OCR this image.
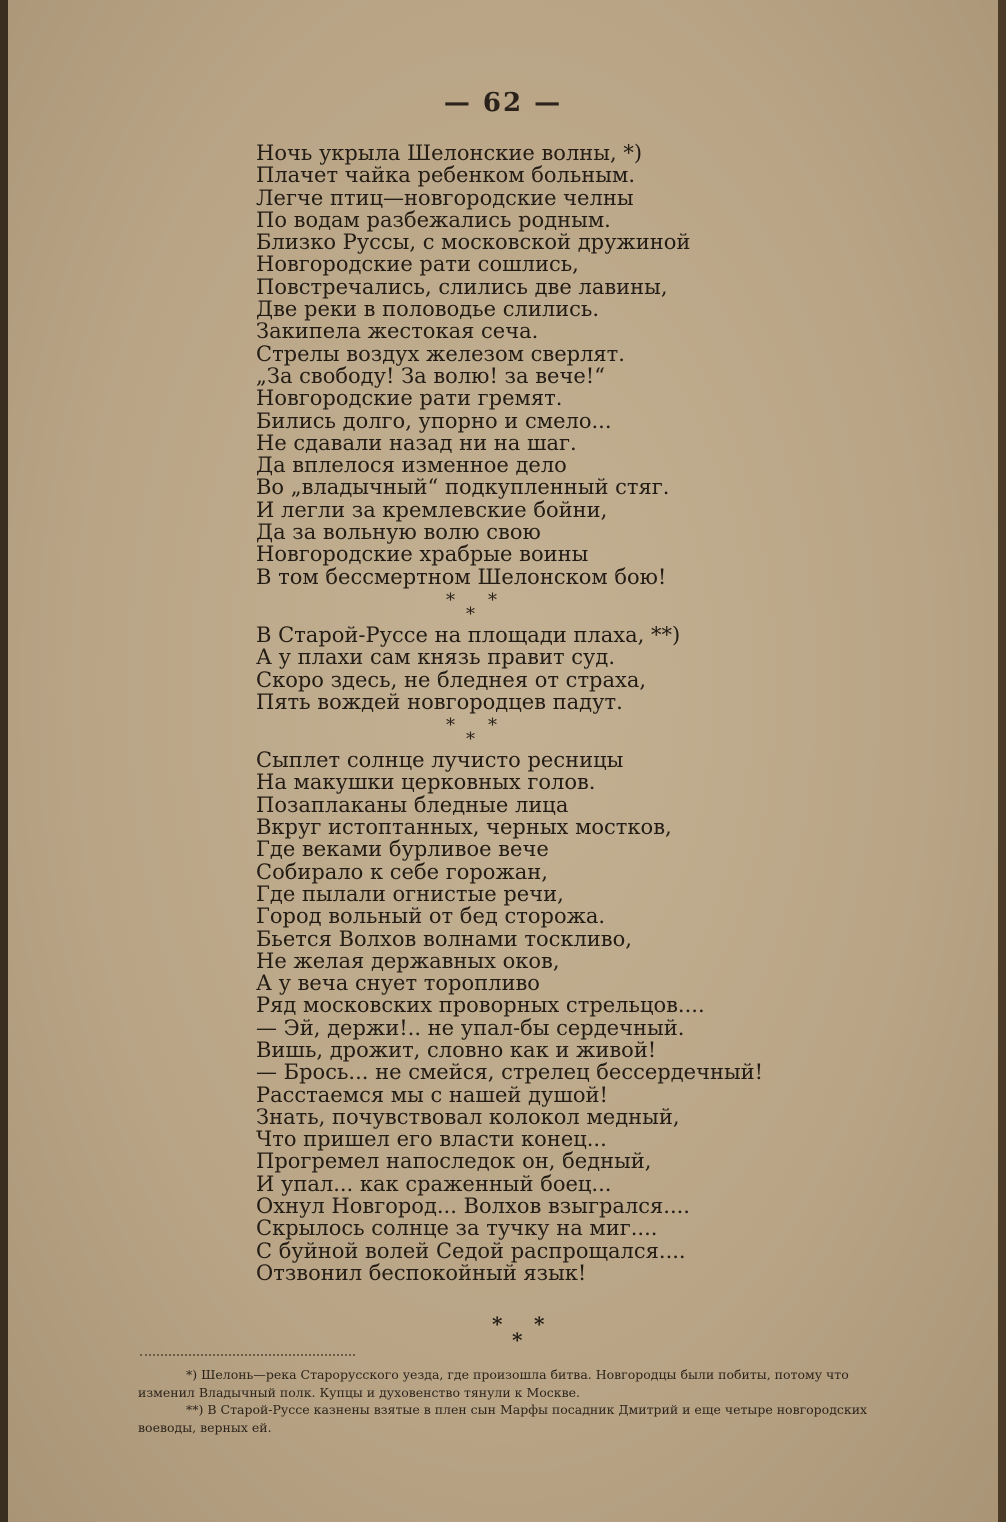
— 62 —
Ночь укрыла Шелонские волны, *)
Плачет чайка ребенком больным.
Легче птиц—новгородские челны
По водам разбежались родным.
Близко Руссы, с московской дружиной
Новгородские рати сошлись,
Повстречались, слились две лавины,
Две реки в половодье слились.
Закипела жестокая сеча.
Стрелы воздух железом сверлят.
„За свободу! За волю! за вече!“
Новгородские рати гремят.
Бились долго, упорно и смело...
Не сдавали назад ни на шаг.
Да вплелося изменное дело
Во „владычный“ подкупленный стяг.
И легли за кремлевские бойни,
Да за вольную волю свою
Новгородские храбрые воины
В том бессмертном Шелонском бою!
* *
*
В Старой-Руссе на площади плаха, **)
А у плахи сам князь правит суд.
Скоро здесь, не бледнея от страха,
Пять вождей новгородцев падут.
* *
*
Сыплет солнце лучисто ресницы
На макушки церковных голов.
Позаплаканы бледные лица
Вкруг истоптанных, черных мостков,
Где веками бурливое вече
Собирало к себе горожан,
Где пылали огнистые речи,
Город вольный от бед сторожа.
Бьется Волхов волнами тоскливо,
Не желая державных оков,
А у веча снует торопливо
Ряд московских проворных стрельцов....
— Эй, держи!.. не упал-бы сердечный.
Вишь, дрожит, словно как и живой!
— Брось... не смейся, стрелец бессердечный!
Расстаемся мы с нашей душой!
Знать, почувствовал колокол медный,
Что пришел его власти конец...
Прогремел напоследок он, бедный,
И упал... как сраженный боец...
Охнул Новгород... Волхов взыгрался....
Скрылось солнце за тучку на миг....
С буйной волей Седой распрощался....
Отзвонил беспокойный язык!
* *
*

*) Шелонь—река Старорусского уезда, где произошла битва. Новгородцы были побиты, потому что изменил Владычный полк. Купцы и духовенство тянули к Москве.

**) В Старой-Руссе казнены взятые в плен сын Марфы посадник Дмитрий и еще четыре новгородских воеводы, верных ей.
